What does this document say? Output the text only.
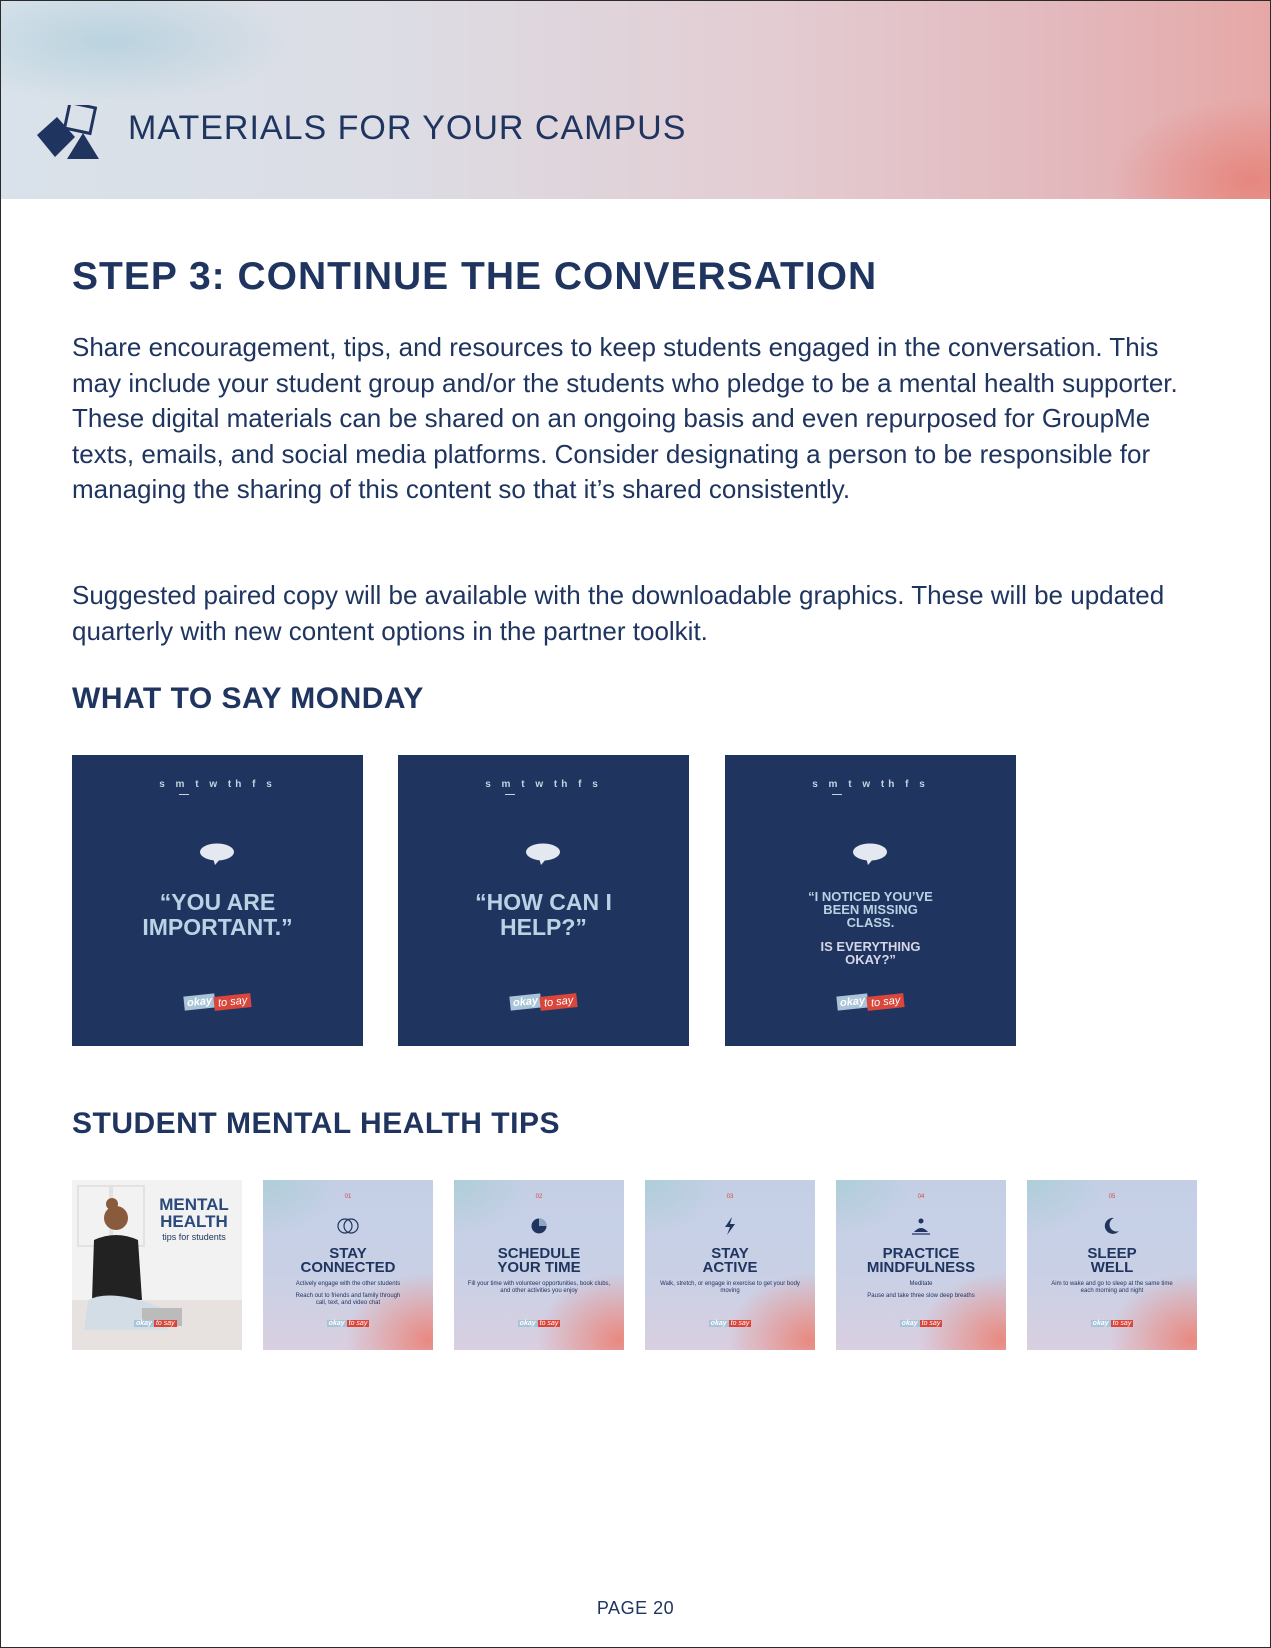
MATERIALS FOR YOUR CAMPUS
STEP 3: CONTINUE THE CONVERSATION

Share encouragement, tips, and resources to keep students engaged in the conversation. This may include your student group and/or the students who pledge to be a mental health supporter. These digital materials can be shared on an ongoing basis and even repurposed for GroupMe texts, emails, and social media platforms. Consider designating a person to be responsible for managing the sharing of this content so that it’s shared consistently.

Suggested paired copy will be available with the downloadable graphics. These will be updated quarterly with new content options in the partner toolkit.

WHAT TO SAY MONDAY
s m t w th f s
“YOU ARE IMPORTANT.”
okay to say
s m t w th f s
“HOW CAN I HELP?”
okay to say
s m t w th f s
“I NOTICED YOU’VE BEEN MISSING CLASS.
IS EVERYTHING OKAY?”
okay to say
STUDENT MENTAL HEALTH TIPS
MENTAL HEALTH
tips for students
okay to say
01
STAY CONNECTED
Actively engage with the other students
Reach out to friends and family through call, text, and video chat
okay to say
02
SCHEDULE YOUR TIME
Fill your time with volunteer opportunities, book clubs, and other activities you enjoy
okay to say
03
STAY ACTIVE
Walk, stretch, or engage in exercise to get your body moving
okay to say
04
PRACTICE MINDFULNESS
Meditate
Pause and take three slow deep breaths
okay to say
05
SLEEP WELL
Aim to wake and go to sleep at the same time each morning and night
okay to say
PAGE 20
